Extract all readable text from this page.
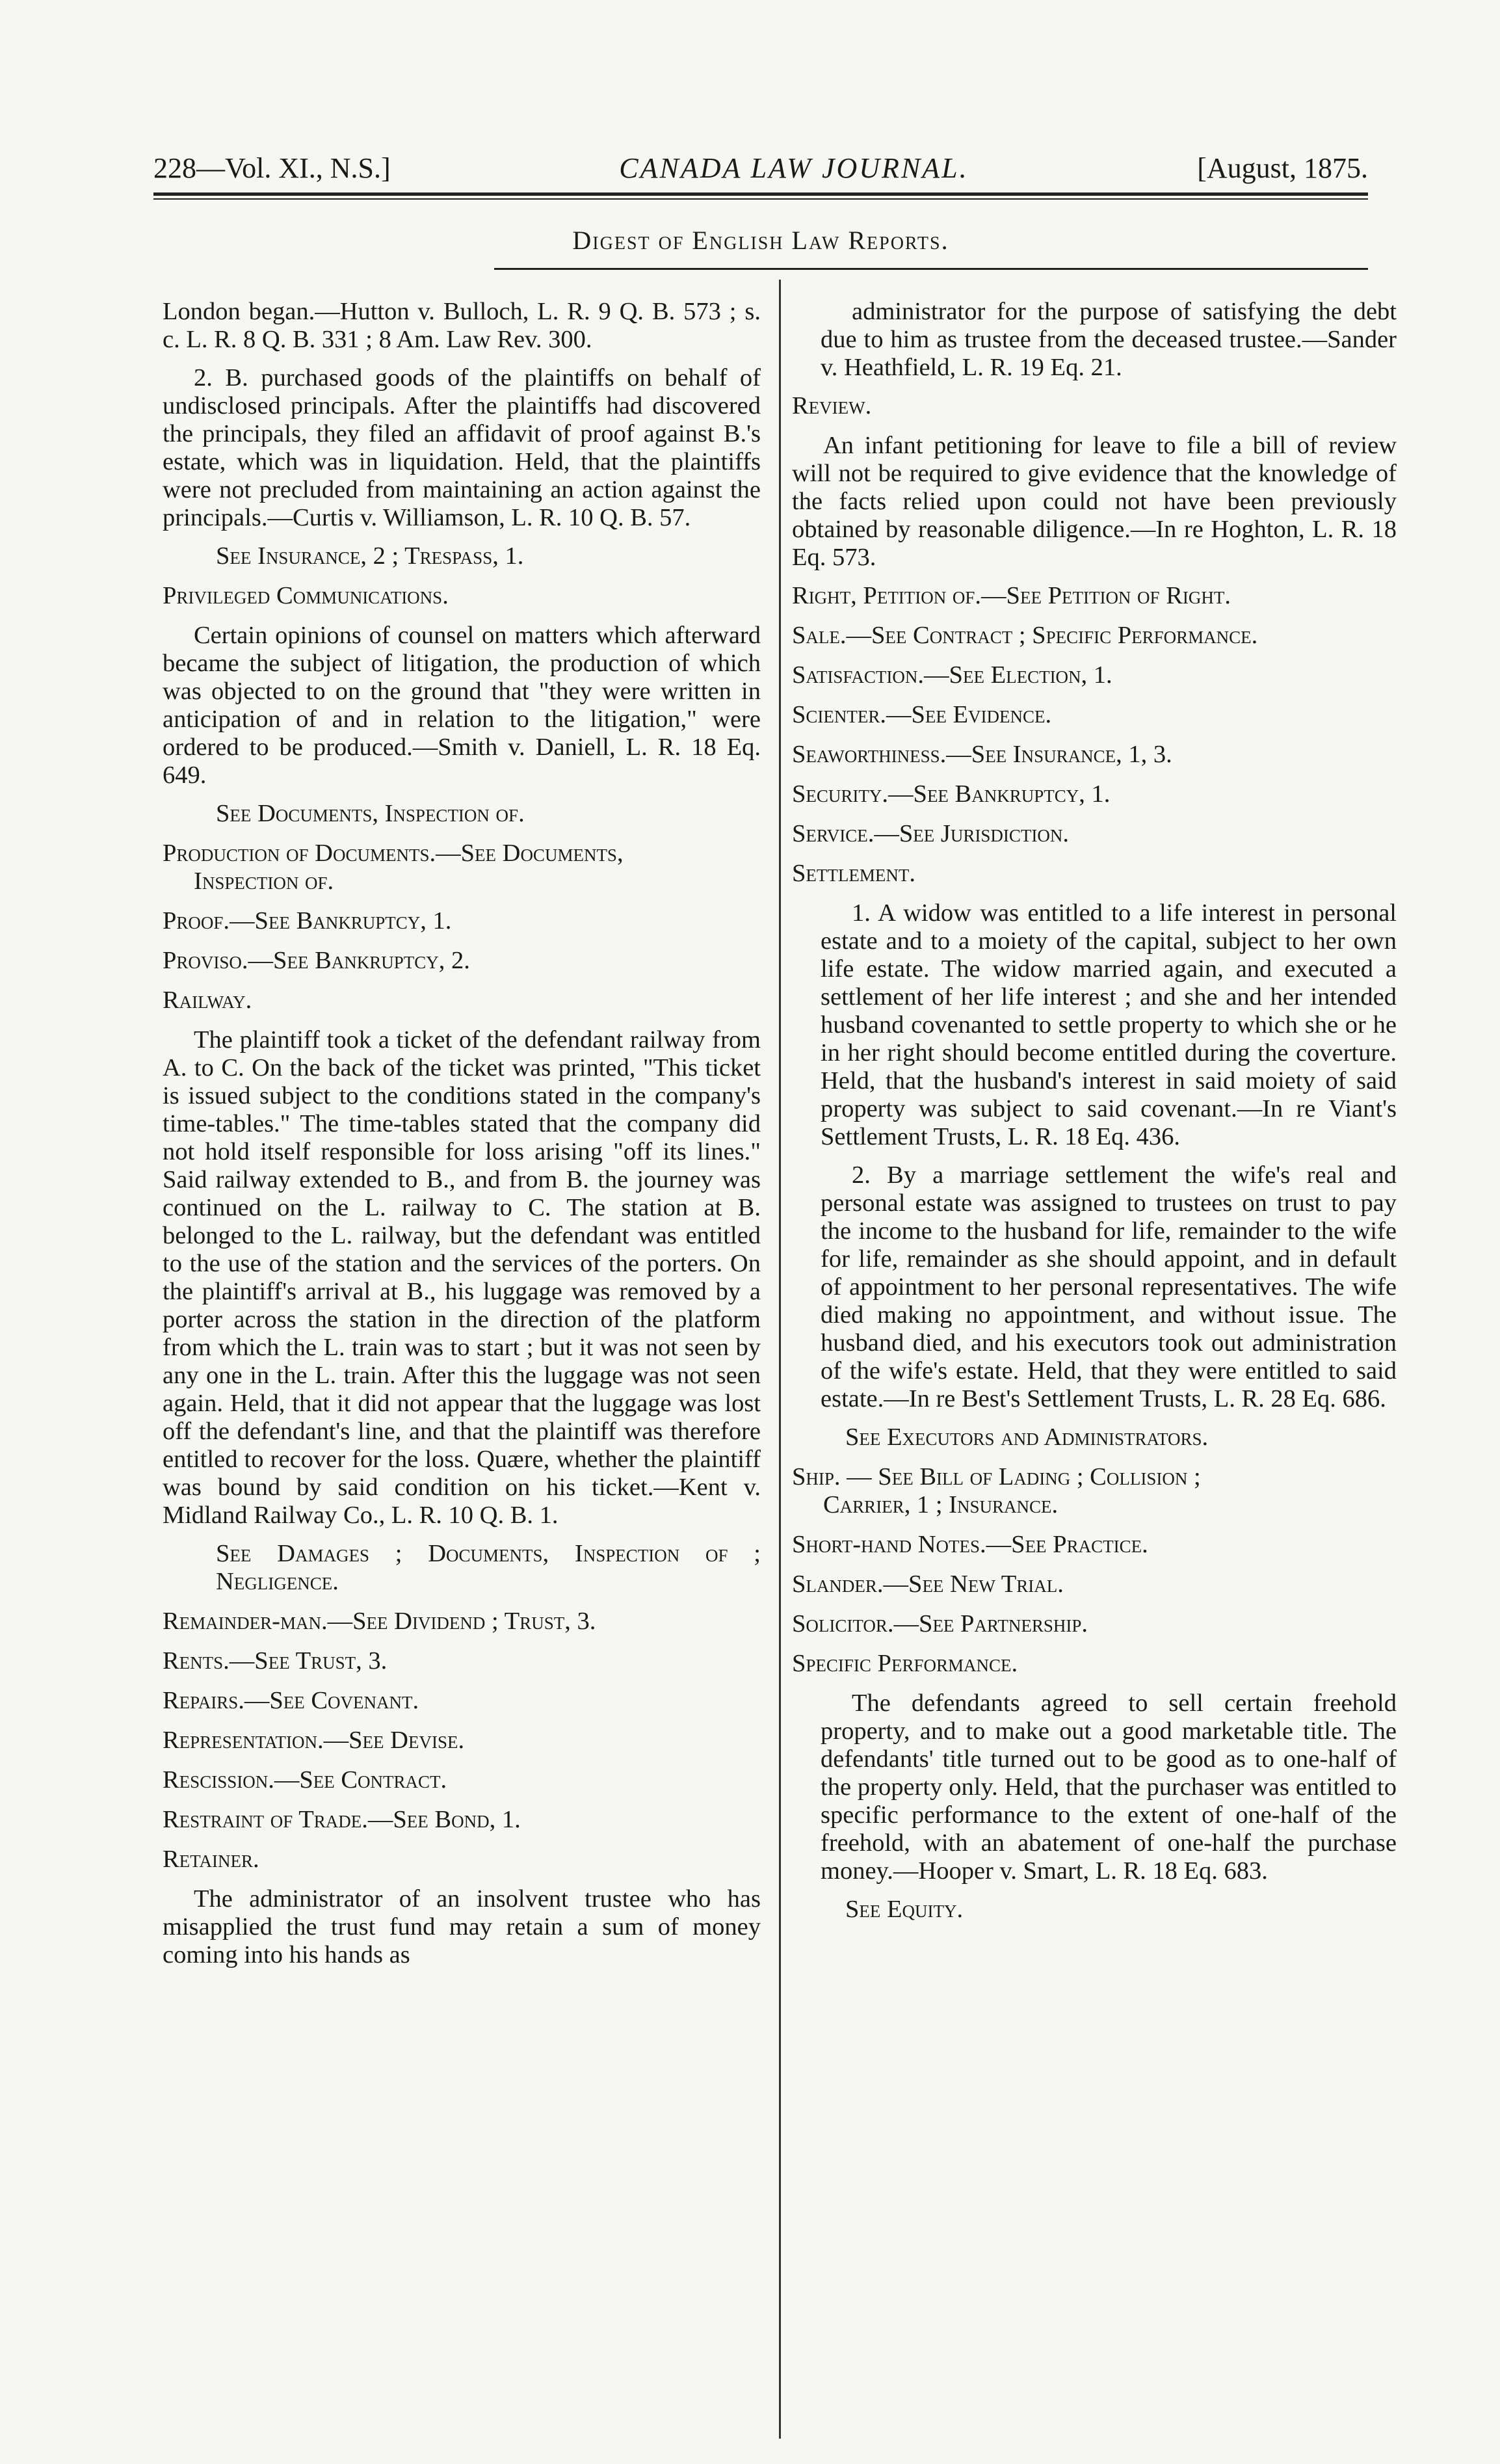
228—Vol. XI., N.S.]	CANADA LAW JOURNAL.	[August, 1875.
Digest of English Law Reports.

London began.—Hutton v. Bulloch, L. R. 9 Q. B. 573 ; s. c. L. R. 8 Q. B. 331 ; 8 Am. Law Rev. 300.

2. B. purchased goods of the plaintiffs on behalf of undisclosed principals. After the plaintiffs had discovered the principals, they filed an affidavit of proof against B.'s estate, which was in liquidation. Held, that the plaintiffs were not precluded from maintaining an action against the principals.—Curtis v. Williamson, L. R. 10 Q. B. 57.

See Insurance, 2 ; Trespass, 1.

Privileged Communications.

Certain opinions of counsel on matters which afterward became the subject of litigation, the production of which was objected to on the ground that "they were written in anticipation of and in relation to the litigation," were ordered to be produced.—Smith v. Daniell, L. R. 18 Eq. 649.

See Documents, Inspection of.

Production of Documents.—See Documents,
Inspection of.

Proof.—See Bankruptcy, 1.

Proviso.—See Bankruptcy, 2.

Railway.

The plaintiff took a ticket of the defendant railway from A. to C. On the back of the ticket was printed, "This ticket is issued subject to the conditions stated in the company's time-tables." The time-tables stated that the company did not hold itself responsible for loss arising "off its lines." Said railway extended to B., and from B. the journey was continued on the L. railway to C. The station at B. belonged to the L. railway, but the defendant was entitled to the use of the station and the services of the porters. On the plaintiff's arrival at B., his luggage was removed by a porter across the station in the direction of the platform from which the L. train was to start ; but it was not seen by any one in the L. train. After this the luggage was not seen again. Held, that it did not appear that the luggage was lost off the defendant's line, and that the plaintiff was therefore entitled to recover for the loss. Quære, whether the plaintiff was bound by said condition on his ticket.—Kent v. Midland Railway Co., L. R. 10 Q. B. 1.

See Damages ; Documents, Inspection of ; Negligence.

Remainder-man.—See Dividend ; Trust, 3.

Rents.—See Trust, 3.

Repairs.—See Covenant.

Representation.—See Devise.

Rescission.—See Contract.

Restraint of Trade.—See Bond, 1.

Retainer.

The administrator of an insolvent trustee who has misapplied the trust fund may retain a sum of money coming into his hands as

administrator for the purpose of satisfying the debt due to him as trustee from the deceased trustee.—Sander v. Heathfield, L. R. 19 Eq. 21.

Review.

An infant petitioning for leave to file a bill of review will not be required to give evidence that the knowledge of the facts relied upon could not have been previously obtained by reasonable diligence.—In re Hoghton, L. R. 18 Eq. 573.

Right, Petition of.—See Petition of Right.

Sale.—See Contract ; Specific Performance.

Satisfaction.—See Election, 1.

Scienter.—See Evidence.

Seaworthiness.—See Insurance, 1, 3.

Security.—See Bankruptcy, 1.

Service.—See Jurisdiction.

Settlement.

1. A widow was entitled to a life interest in personal estate and to a moiety of the capital, subject to her own life estate. The widow married again, and executed a settlement of her life interest ; and she and her intended husband covenanted to settle property to which she or he in her right should become entitled during the coverture. Held, that the husband's interest in said moiety of said property was subject to said covenant.—In re Viant's Settlement Trusts, L. R. 18 Eq. 436.

2. By a marriage settlement the wife's real and personal estate was assigned to trustees on trust to pay the income to the husband for life, remainder to the wife for life, remainder as she should appoint, and in default of appointment to her personal representatives. The wife died making no appointment, and without issue. The husband died, and his executors took out administration of the wife's estate. Held, that they were entitled to said estate.—In re Best's Settlement Trusts, L. R. 28 Eq. 686.

See Executors and Administrators.

Ship. — See Bill of Lading ; Collision ;
Carrier, 1 ; Insurance.

Short-hand Notes.—See Practice.

Slander.—See New Trial.

Solicitor.—See Partnership.

Specific Performance.

The defendants agreed to sell certain freehold property, and to make out a good marketable title. The defendants' title turned out to be good as to one-half of the property only. Held, that the purchaser was entitled to specific performance to the extent of one-half of the freehold, with an abatement of one-half the purchase money.—Hooper v. Smart, L. R. 18 Eq. 683.

See Equity.
